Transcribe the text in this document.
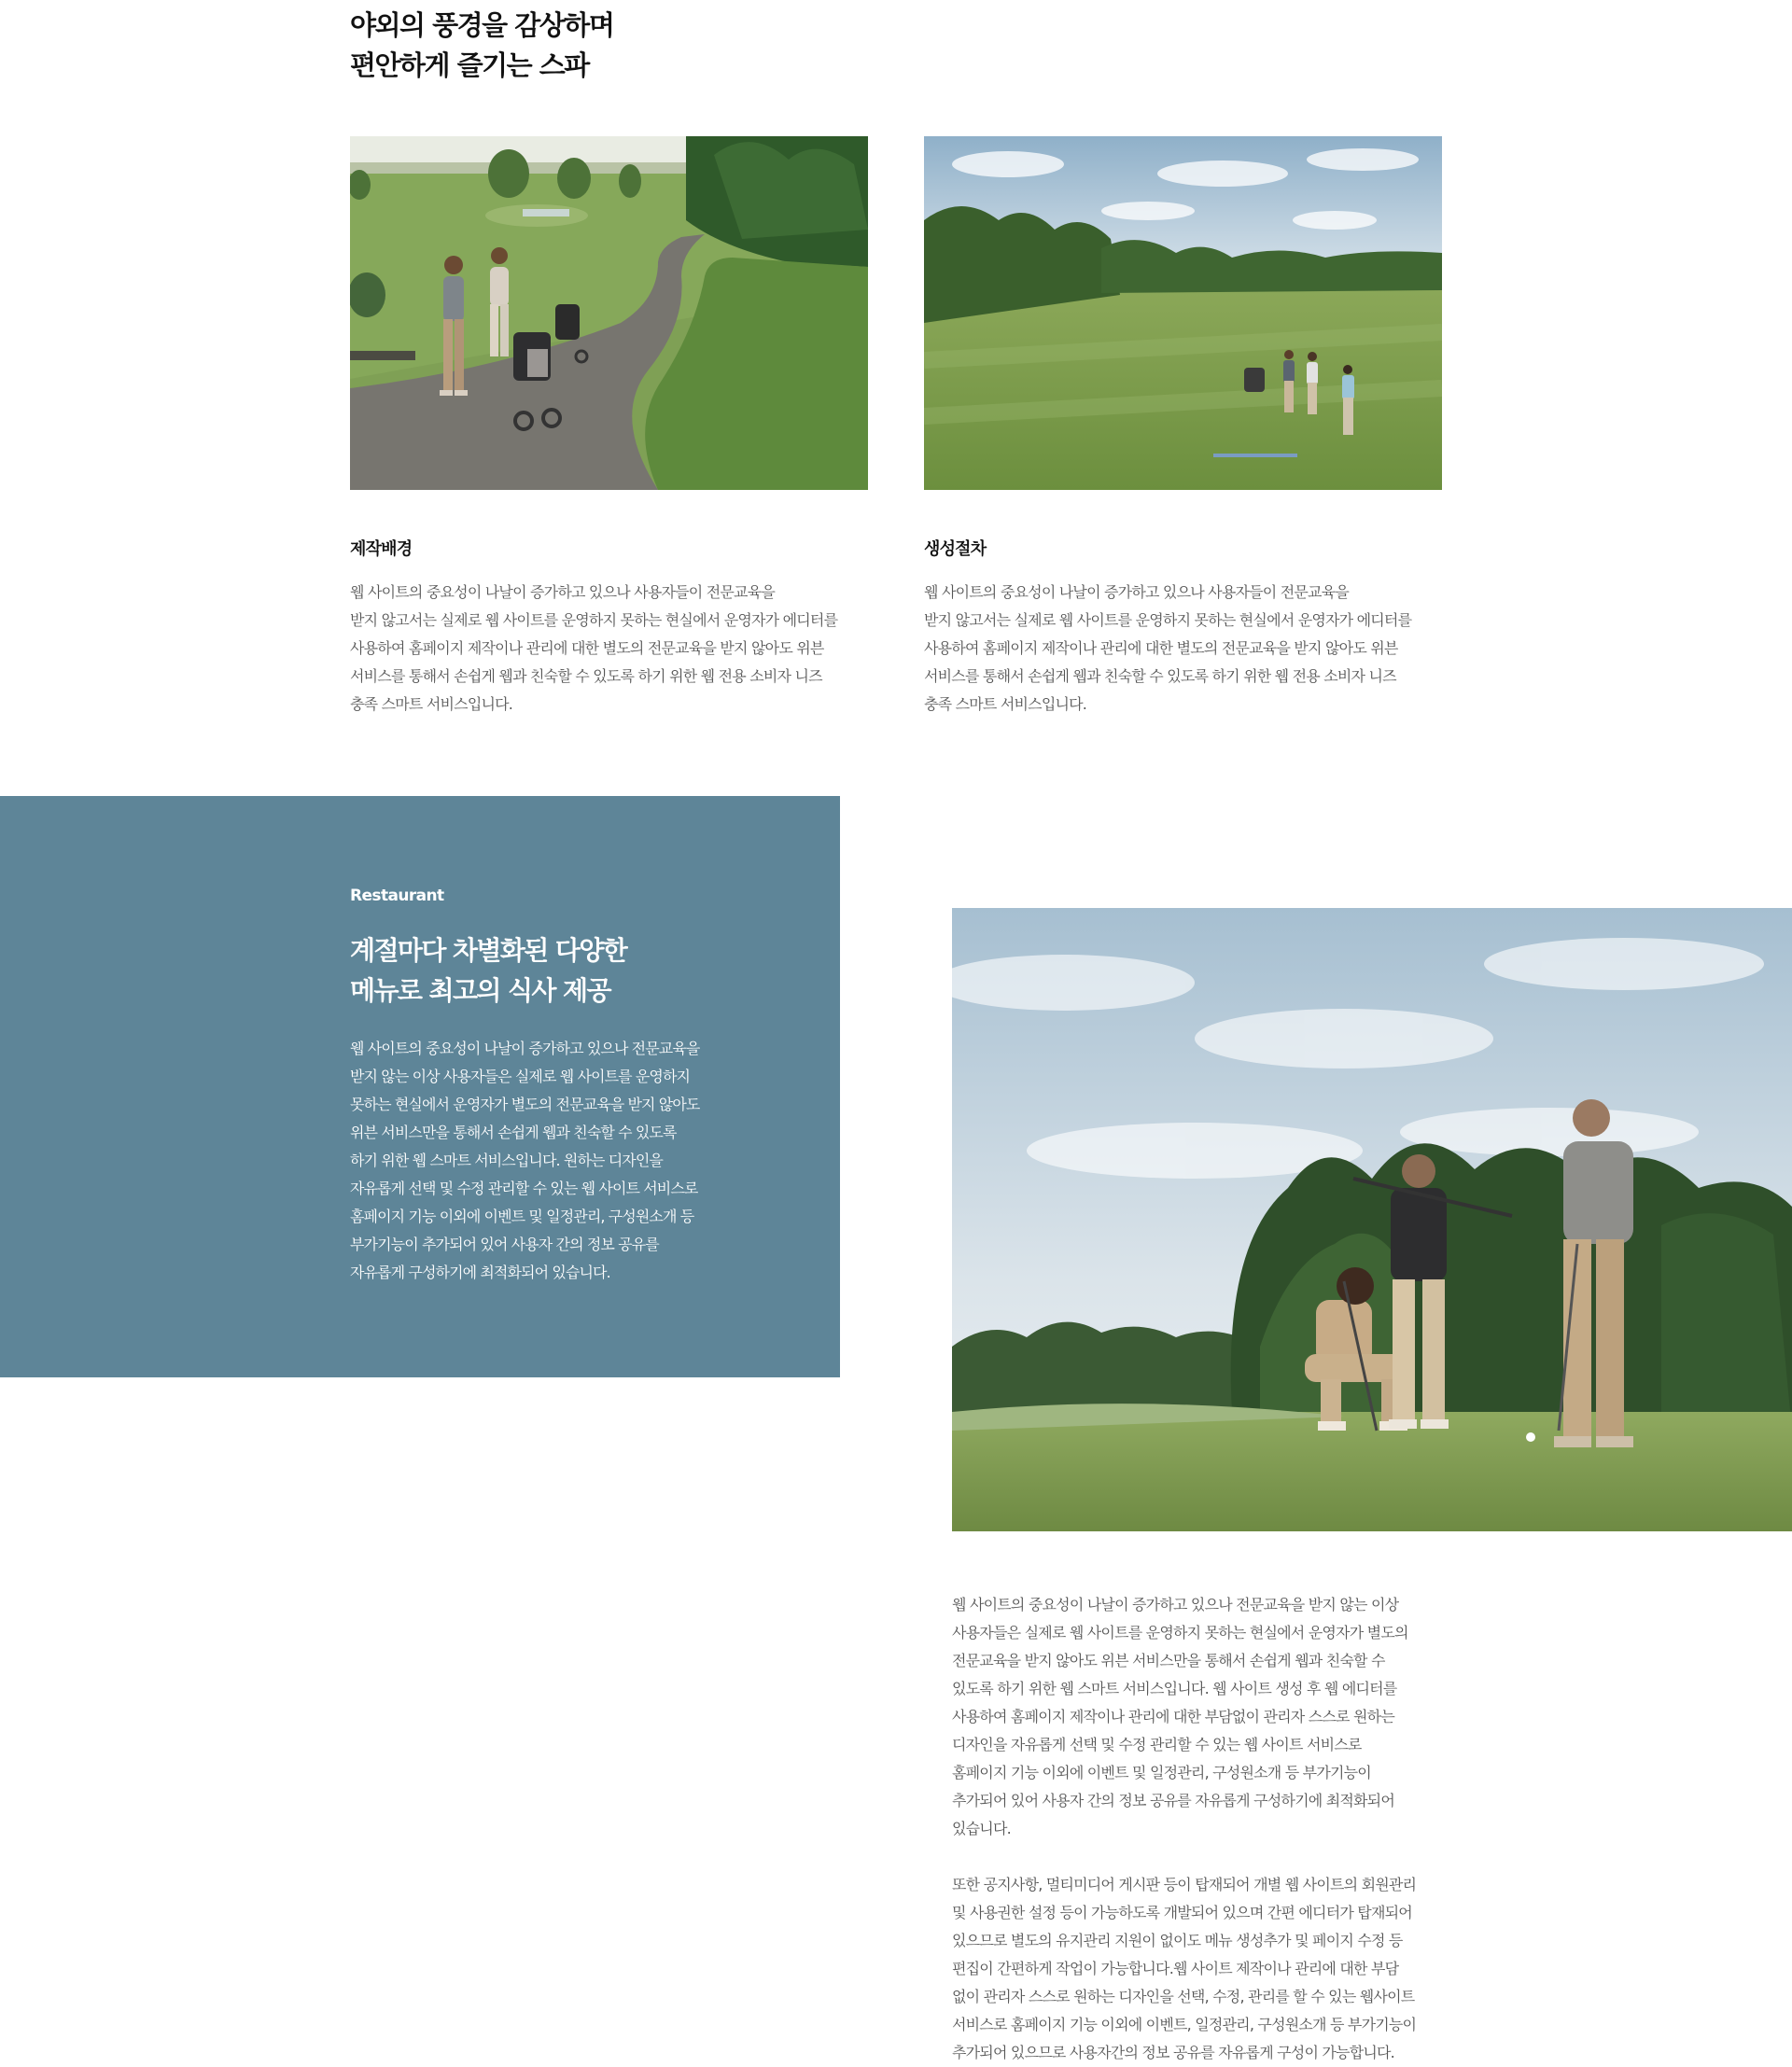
야외의 풍경을 감상하며
편안하게 즐기는 스파
제작배경

웹 사이트의 중요성이 나날이 증가하고 있으나 사용자들이 전문교육을
받지 않고서는 실제로 웹 사이트를 운영하지 못하는 현실에서 운영자가 에디터를
사용하여 홈페이지 제작이나 관리에 대한 별도의 전문교육을 받지 않아도 위븐
서비스를 통해서 손쉽게 웹과 친숙할 수 있도록 하기 위한 웹 전용 소비자 니즈
충족 스마트 서비스입니다.

생성절차

웹 사이트의 중요성이 나날이 증가하고 있으나 사용자들이 전문교육을
받지 않고서는 실제로 웹 사이트를 운영하지 못하는 현실에서 운영자가 에디터를
사용하여 홈페이지 제작이나 관리에 대한 별도의 전문교육을 받지 않아도 위븐
서비스를 통해서 손쉽게 웹과 친숙할 수 있도록 하기 위한 웹 전용 소비자 니즈
충족 스마트 서비스입니다.

Restaurant

계절마다 차별화된 다양한
메뉴로 최고의 식사 제공

웹 사이트의 중요성이 나날이 증가하고 있으나 전문교육을
받지 않는 이상 사용자들은 실제로 웹 사이트를 운영하지
못하는 현실에서 운영자가 별도의 전문교육을 받지 않아도
위븐 서비스만을 통해서 손쉽게 웹과 친숙할 수 있도록
하기 위한 웹 스마트 서비스입니다. 원하는 디자인을
자유롭게 선택 및 수정 관리할 수 있는 웹 사이트 서비스로
홈페이지 기능 이외에 이벤트 및 일정관리, 구성원소개 등
부가기능이 추가되어 있어 사용자 간의 정보 공유를
자유롭게 구성하기에 최적화되어 있습니다.

웹 사이트의 중요성이 나날이 증가하고 있으나 전문교육을 받지 않는 이상
사용자들은 실제로 웹 사이트를 운영하지 못하는 현실에서 운영자가 별도의
전문교육을 받지 않아도 위븐 서비스만을 통해서 손쉽게 웹과 친숙할 수
있도록 하기 위한 웹 스마트 서비스입니다. 웹 사이트 생성 후 웹 에디터를
사용하여 홈페이지 제작이나 관리에 대한 부담없이 관리자 스스로 원하는
디자인을 자유롭게 선택 및 수정 관리할 수 있는 웹 사이트 서비스로
홈페이지 기능 이외에 이벤트 및 일정관리, 구성원소개 등 부가기능이
추가되어 있어 사용자 간의 정보 공유를 자유롭게 구성하기에 최적화되어
있습니다.

또한 공지사항, 멀티미디어 게시판 등이 탑재되어 개별 웹 사이트의 회원관리
및 사용권한 설정 등이 가능하도록 개발되어 있으며 간편 에디터가 탑재되어
있으므로 별도의 유지관리 지원이 없이도 메뉴 생성추가 및 페이지 수정 등
편집이 간편하게 작업이 가능합니다.웹 사이트 제작이나 관리에 대한 부담
없이 관리자 스스로 원하는 디자인을 선택, 수정, 관리를 할 수 있는 웹사이트
서비스로 홈페이지 기능 이외에 이벤트, 일정관리, 구성원소개 등 부가기능이
추가되어 있으므로 사용자간의 정보 공유를 자유롭게 구성이 가능합니다.
